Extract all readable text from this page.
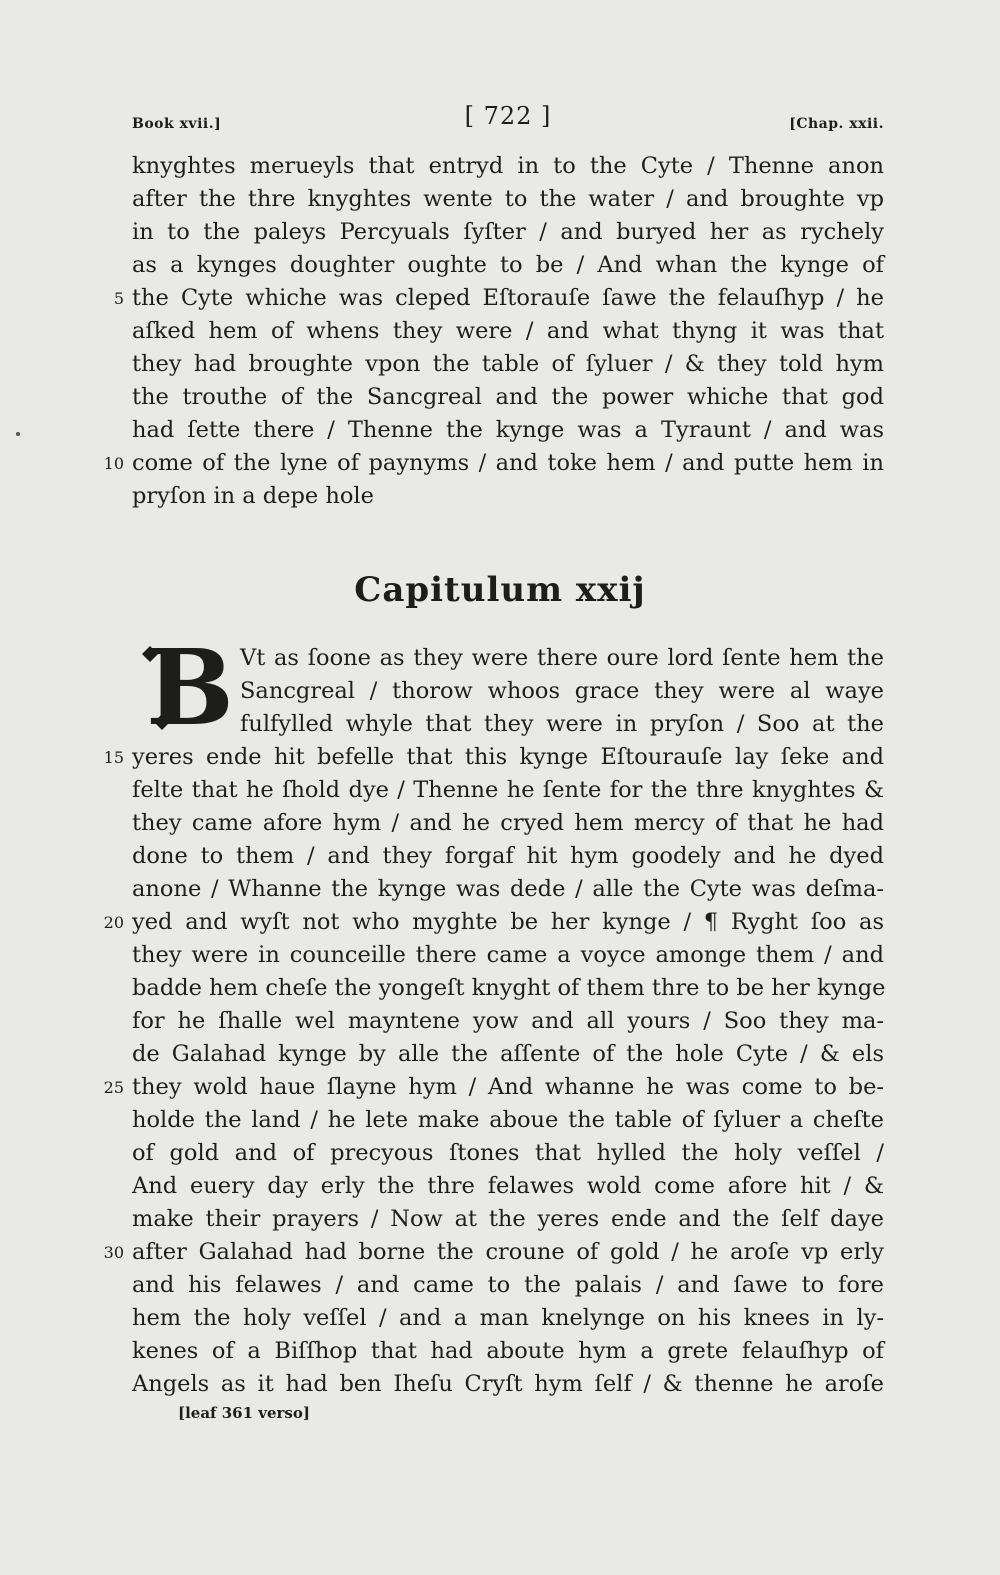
Book xvii.]	[ 722 ]	[Chap. xxii.
knyghtes merueyls that entryd in to the Cyte / Thenne anon
after the thre knyghtes wente to the water / and broughte vp
in to the paleys Percyuals ſyſter / and buryed her as rychely
as a kynges doughter oughte to be / And whan the kynge of
the Cyte whiche was cleped Eſtorauſe ſawe the felauſhyp / he
aſked hem of whens they were / and what thyng it was that
they had broughte vpon the table of ſyluer / & they told hym
the trouthe of the Sancgreal and the power whiche that god
had ſette there / Thenne the kynge was a Tyraunt / and was
come of the lyne of paynyms / and toke hem / and putte hem in
pryſon in a depe hole
5
10
Capitulum xxij
B Vt as ſoone as they were there oure lord ſente hem the
Sancgreal / thorow whoos grace they were al waye
fulfylled whyle that they were in pryſon / Soo at the
yeres ende hit befelle that this kynge Eſtourauſe lay ſeke and
felte that he ſhold dye / Thenne he ſente for the thre knyghtes &
they came afore hym / and he cryed hem mercy of that he had
done to them / and they forgaf hit hym goodely and he dyed
anone / Whanne the kynge was dede / alle the Cyte was deſma-
yed and wyſt not who myghte be her kynge / ¶ Ryght ſoo as
they were in counceille there came a voyce amonge them / and
badde hem cheſe the yongeſt knyght of them thre to be her kynge
for he ſhalle wel mayntene yow and all yours / Soo they ma-
de Galahad kynge by alle the aſſente of the hole Cyte / & els
they wold haue ſlayne hym / And whanne he was come to be-
holde the land / he lete make aboue the table of ſyluer a cheſte
of gold and of precyous ſtones that hylled the holy veſſel /
And euery day erly the thre felawes wold come afore hit / &
make their prayers / Now at the yeres ende and the ſelf daye
after Galahad had borne the croune of gold / he aroſe vp erly
and his felawes / and came to the palais / and ſawe to fore
hem the holy veſſel / and a man knelynge on his knees in ly-
kenes of a Biſſhop that had aboute hym a grete felauſhyp of
Angels as it had ben Iheſu Cryſt hym ſelf / & thenne he aroſe
15
20
25
30
[leaf 361 verso]
